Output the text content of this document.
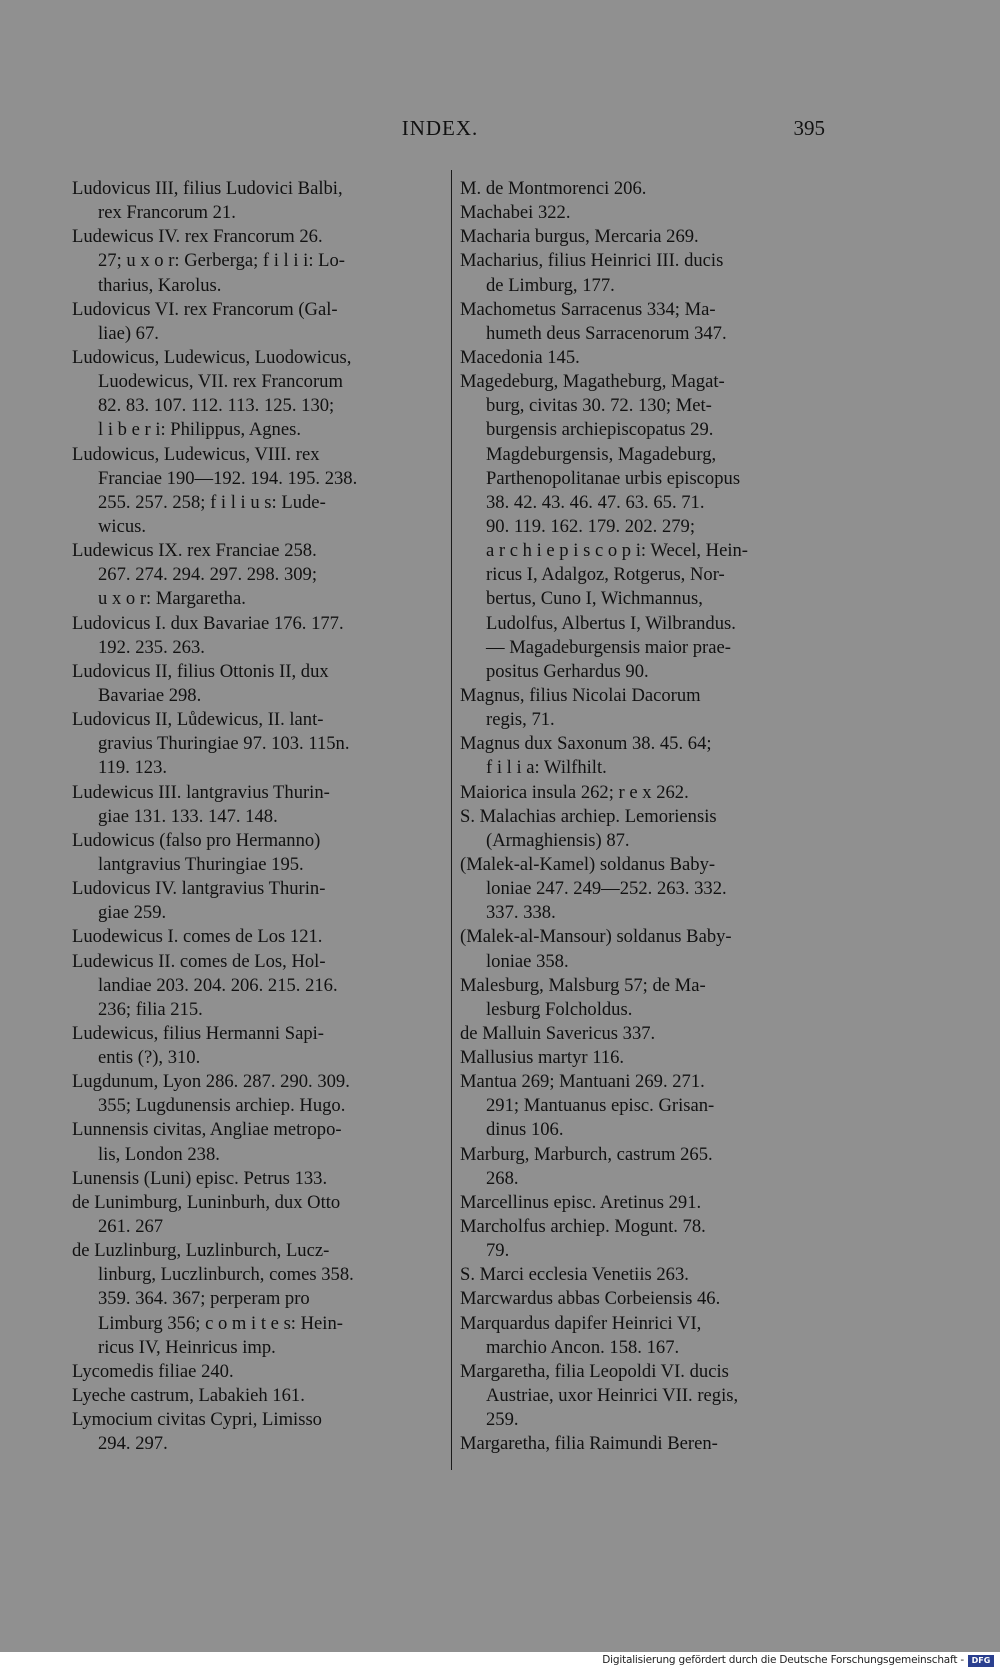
INDEX.	395
Ludovicus III, filius Ludovici Balbi,
rex Francorum 21.
Ludewicus IV. rex Francorum 26.
27; u x o r: Gerberga; f i l i i: Lo-
tharius, Karolus.
Ludovicus VI. rex Francorum (Gal-
liae) 67.
Ludowicus, Ludewicus, Luodowicus,
Luodewicus, VII. rex Francorum
82. 83. 107. 112. 113. 125. 130;
l i b e r i: Philippus, Agnes.
Ludowicus, Ludewicus, VIII. rex
Franciae 190—192. 194. 195. 238.
255. 257. 258; f i l i u s: Lude-
wicus.
Ludewicus IX. rex Franciae 258.
267. 274. 294. 297. 298. 309;
u x o r: Margaretha.
Ludovicus I. dux Bavariae 176. 177.
192. 235. 263.
Ludovicus II, filius Ottonis II, dux
Bavariae 298.
Ludovicus II, Lůdewicus, II. lant-
gravius Thuringiae 97. 103. 115n.
119. 123.
Ludewicus III. lantgravius Thurin-
giae 131. 133. 147. 148.
Ludowicus (falso pro Hermanno)
lantgravius Thuringiae 195.
Ludovicus IV. lantgravius Thurin-
giae 259.
Luodewicus I. comes de Los 121.
Ludewicus II. comes de Los, Hol-
landiae 203. 204. 206. 215. 216.
236; filia 215.
Ludewicus, filius Hermanni Sapi-
entis (?), 310.
Lugdunum, Lyon 286. 287. 290. 309.
355; Lugdunensis archiep. Hugo.
Lunnensis civitas, Angliae metropo-
lis, London 238.
Lunensis (Luni) episc. Petrus 133.
de Lunimburg, Luninburh, dux Otto
261. 267
de Luzlinburg, Luzlinburch, Lucz-
linburg, Luczlinburch, comes 358.
359. 364. 367; perperam pro
Limburg 356; c o m i t e s: Hein-
ricus IV, Heinricus imp.
Lycomedis filiae 240.
Lyeche castrum, Labakieh 161.
Lymocium civitas Cypri, Limisso
294. 297.
M. de Montmorenci 206.
Machabei 322.
Macharia burgus, Mercaria 269.
Macharius, filius Heinrici III. ducis
de Limburg, 177.
Machometus Sarracenus 334; Ma-
humeth deus Sarracenorum 347.
Macedonia 145.
Magedeburg, Magatheburg, Magat-
burg, civitas 30. 72. 130; Met-
burgensis archiepiscopatus 29.
Magdeburgensis, Magadeburg,
Parthenopolitanae urbis episcopus
38. 42. 43. 46. 47. 63. 65. 71.
90. 119. 162. 179. 202. 279;
a r c h i e p i s c o p i: Wecel, Hein-
ricus I, Adalgoz, Rotgerus, Nor-
bertus, Cuno I, Wichmannus,
Ludolfus, Albertus I, Wilbrandus.
— Magadeburgensis maior prae-
positus Gerhardus 90.
Magnus, filius Nicolai Dacorum
regis, 71.
Magnus dux Saxonum 38. 45. 64;
f i l i a: Wilfhilt.
Maiorica insula 262; r e x 262.
S. Malachias archiep. Lemoriensis
(Armaghiensis) 87.
(Malek-al-Kamel) soldanus Baby-
loniae 247. 249—252. 263. 332.
337. 338.
(Malek-al-Mansour) soldanus Baby-
loniae 358.
Malesburg, Malsburg 57; de Ma-
lesburg Folcholdus.
de Malluin Savericus 337.
Mallusius martyr 116.
Mantua 269; Mantuani 269. 271.
291; Mantuanus episc. Grisan-
dinus 106.
Marburg, Marburch, castrum 265.
268.
Marcellinus episc. Aretinus 291.
Marcholfus archiep. Mogunt. 78.
79.
S. Marci ecclesia Venetiis 263.
Marcwardus abbas Corbeiensis 46.
Marquardus dapifer Heinrici VI,
marchio Ancon. 158. 167.
Margaretha, filia Leopoldi VI. ducis
Austriae, uxor Heinrici VII. regis,
259.
Margaretha, filia Raimundi Beren-
Digitalisierung gefördert durch die Deutsche Forschungsgemeinschaft - DFG
